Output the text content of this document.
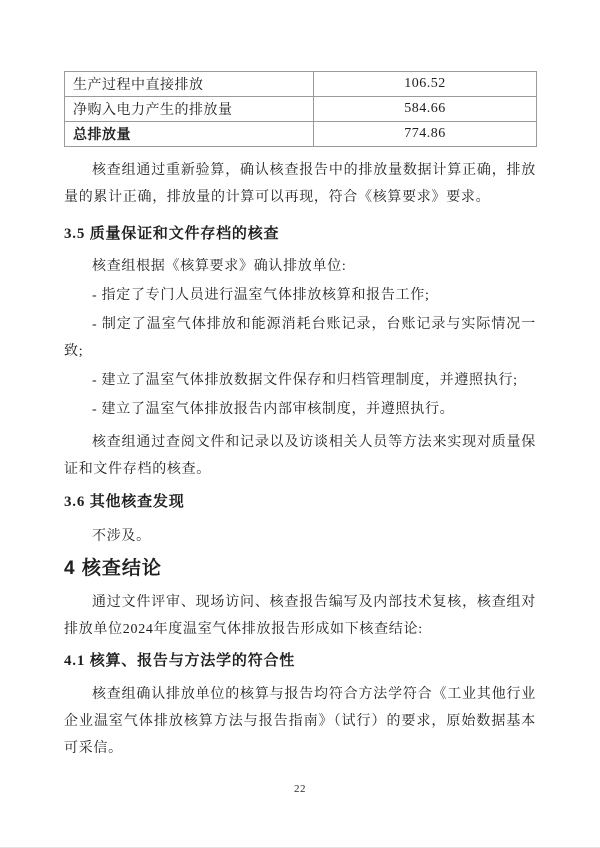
生产过程中直接排放	106.52
净购入电力产生的排放量	584.66
总排放量	774.86

核查组通过重新验算，确认核查报告中的排放量数据计算正确，排放量的累计正确，排放量的计算可以再现，符合《核算要求》要求。

3.5 质量保证和文件存档的核查

核查组根据《核算要求》确认排放单位:

- 指定了专门人员进行温室气体排放核算和报告工作;

- 制定了温室气体排放和能源消耗台账记录，台账记录与实际情况一致;

- 建立了温室气体排放数据文件保存和归档管理制度，并遵照执行;

- 建立了温室气体排放报告内部审核制度，并遵照执行。

核查组通过查阅文件和记录以及访谈相关人员等方法来实现对质量保证和文件存档的核查。

3.6 其他核查发现

不涉及。

4 核查结论

通过文件评审、现场访问、核查报告编写及内部技术复核，核查组对排放单位2024年度温室气体排放报告形成如下核查结论:

4.1 核算、报告与方法学的符合性

核查组确认排放单位的核算与报告均符合方法学符合《工业其他行业企业温室气体排放核算方法与报告指南》（试行）的要求，原始数据基本可采信。

22
